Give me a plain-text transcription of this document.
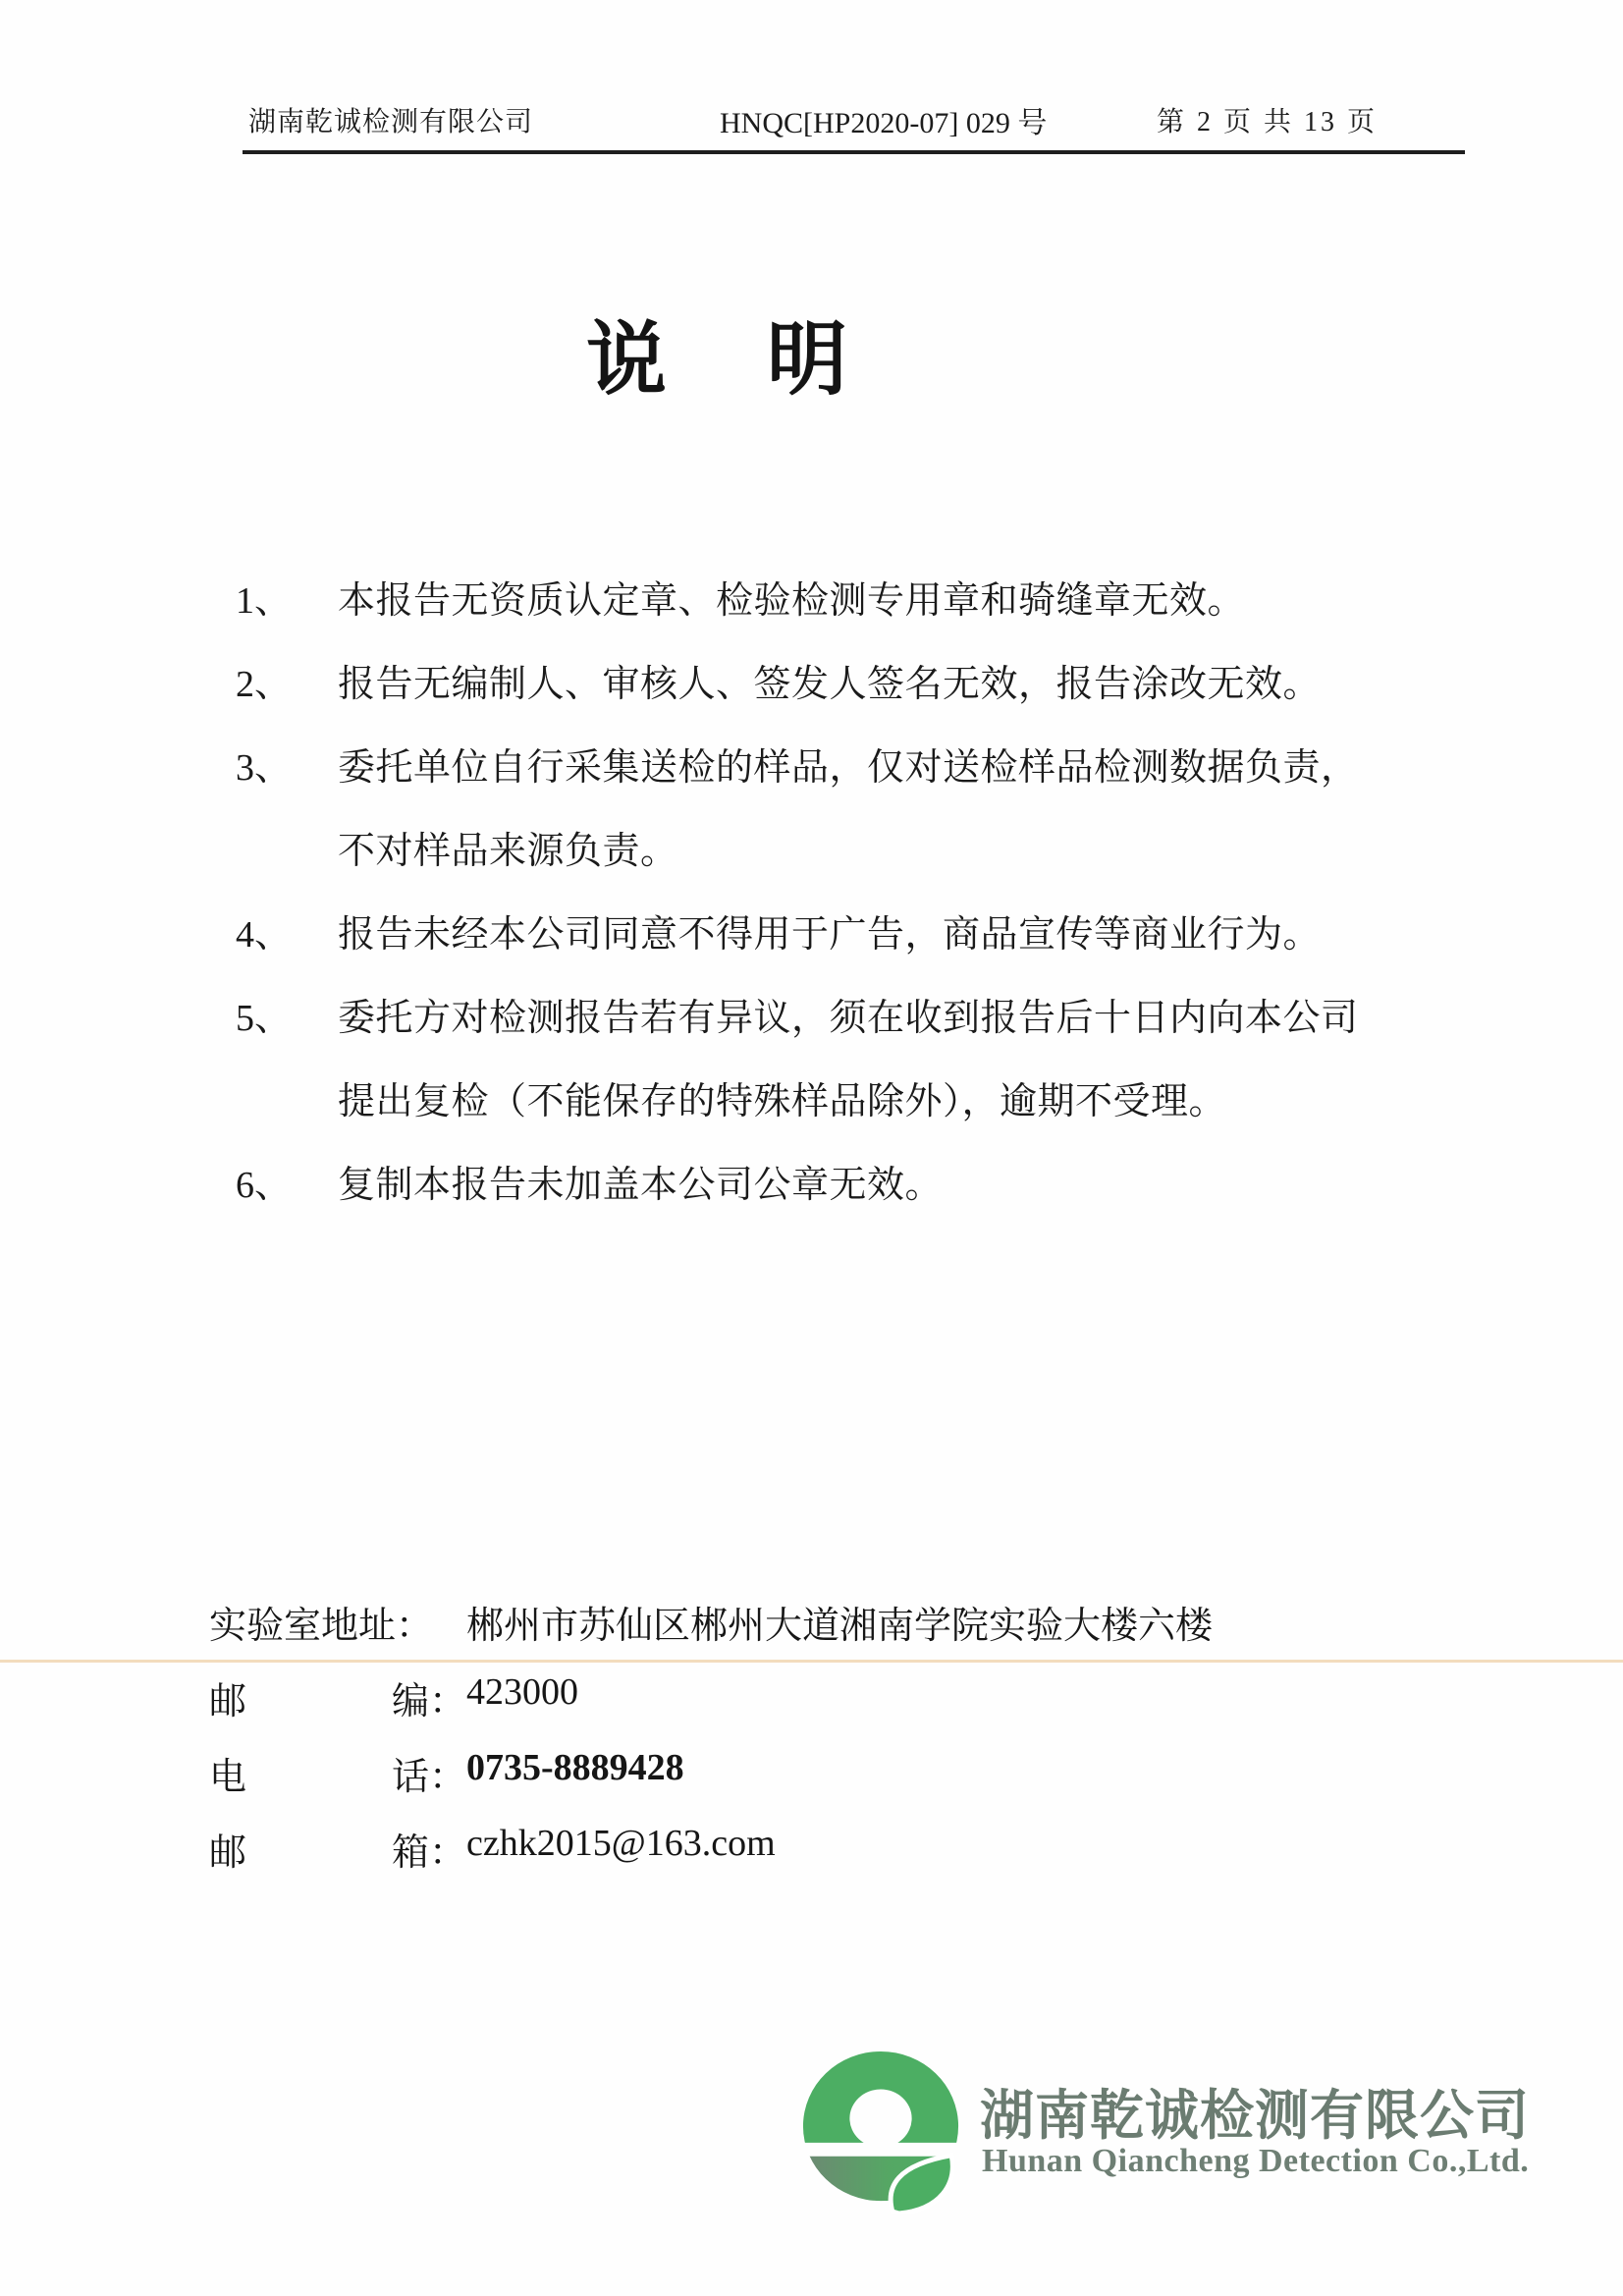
湖南乾诚检测有限公司	HNQC[HP2020-07] 029 号	第 2 页 共 13 页
说 明
1、	本报告无资质认定章、检验检测专用章和骑缝章无效。
2、	报告无编制人、审核人、签发人签名无效，报告涂改无效。
3、	委托单位自行采集送检的样品，仅对送检样品检测数据负责，
不对样品来源负责。
4、	报告未经本公司同意不得用于广告，商品宣传等商业行为。
5、	委托方对检测报告若有异议，须在收到报告后十日内向本公司
提出复检（不能保存的特殊样品除外），逾期不受理。
6、	复制本报告未加盖本公司公章无效。
实验室地址： 郴州市苏仙区郴州大道湘南学院实验大楼六楼
邮	编： 423000
电	话： 0735-8889428
邮	箱： czhk2015@163.com
湖南乾诚检测有限公司
Hunan Qiancheng Detection Co.,Ltd.
